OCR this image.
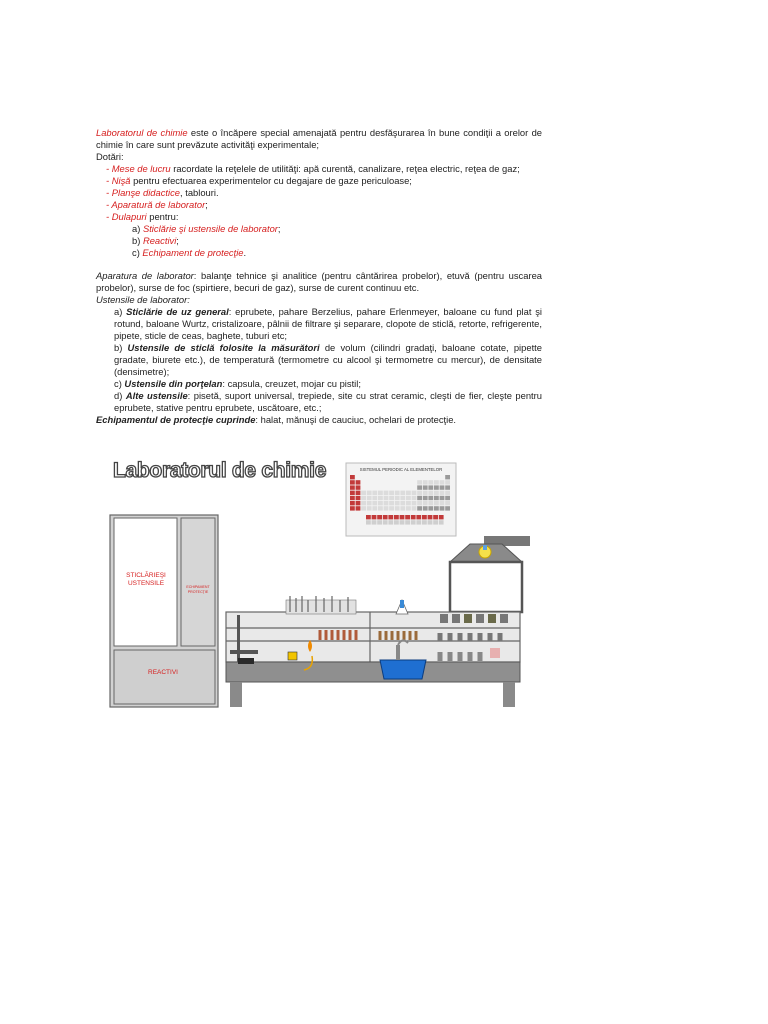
Laboratorul de chimie este o încăpere special amenajată pentru desfăşurarea în bune condiţii a orelor de chimie în care sunt prevăzute activităţi experimentale;

Dotări:

- Mese de lucru racordate la reţelele de utilităţi: apă curentă, canalizare, reţea electric, reţea de gaz;

- Nişă pentru efectuarea experimentelor cu degajare de gaze periculoase;

- Planşe didactice, tablouri.

- Aparatură de laborator;

- Dulapuri pentru:

a) Sticlărie şi ustensile de laborator;

b) Reactivi;

c) Echipament de protecţie.

Aparatura de laborator: balanţe tehnice şi analitice (pentru cântărirea probelor), etuvă (pentru uscarea probelor), surse de foc (spirtiere, becuri de gaz), surse de curent continuu etc.

Ustensile de laborator:

a) Sticlărie de uz general: eprubete, pahare Berzelius, pahare Erlenmeyer, baloane cu fund plat şi rotund, baloane Wurtz, cristalizoare, pâlnii de filtrare şi separare, clopote de sticlă, retorte, refrigerente, pipete, sticle de ceas, baghete, tuburi etc;

b) Ustensile de sticlă folosite la măsurători de volum (cilindri gradaţi, baloane cotate, pipette gradate, biurete etc.), de temperatură (termometre cu alcool şi termometre cu mercur), de densitate (densimetre);

c) Ustensile din porţelan: capsula, creuzet, mojar cu pistil;

d) Alte ustensile: pisetă, suport universal, trepiede, site cu strat ceramic, cleşti de fier, cleşte pentru eprubete, stative pentru eprubete, uscătoare, etc.;

Echipamentul de protecţie cuprinde: halat, mănuşi de cauciuc, ochelari de protecţie.

Laboratorul de chimie	SISTEMUL PERIODIC AL ELEMENTELOR
STICLĂRIEŞI USTENSILE	ECHIPAMENT PROTECŢIE
REACTIVI
